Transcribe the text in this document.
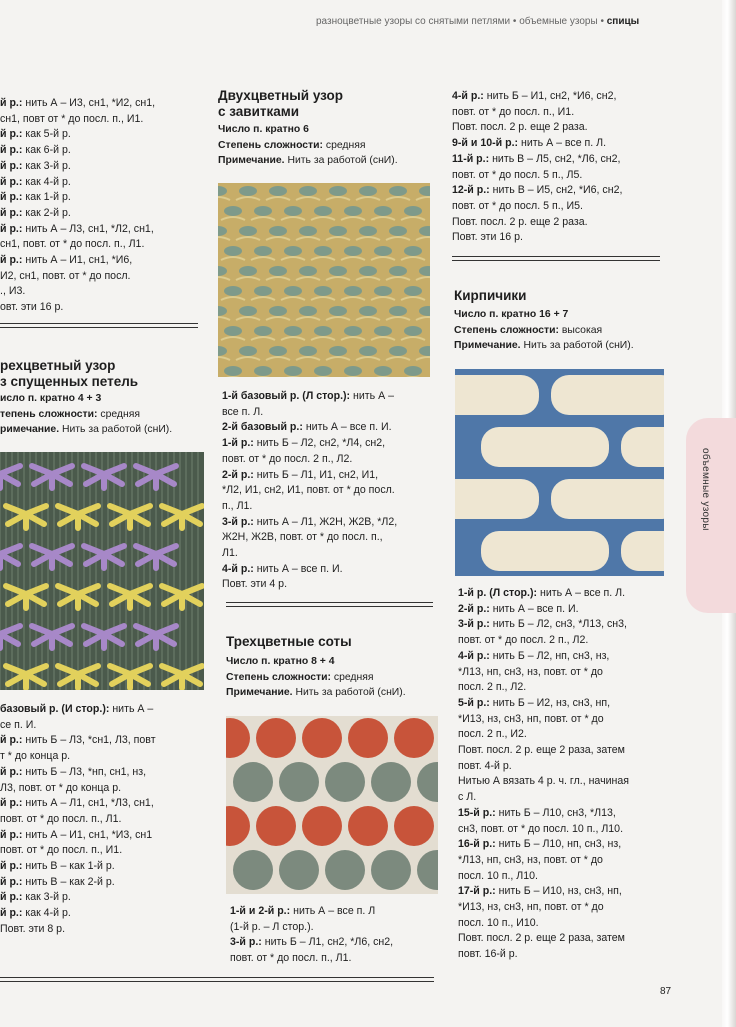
разноцветные узоры со снятыми петлями • объемные узоры • спицы

й р.: нить А – И3, сн1, *И2, сн1,

сн1, повт от * до посл. п., И1.

й р.: как 5-й р.

й р.: как 6-й р.

й р.: как 3-й р.

й р.: как 4-й р.

й р.: как 1-й р.

й р.: как 2-й р.

й р.: нить А – Л3, сн1, *Л2, сн1,

сн1, повт. от * до посл. п., Л1.

й р.: нить А – И1, сн1, *И6,

И2, сн1, повт. от * до посл.

., И3.

овт. эти 16 р.

рехцветный узор
з спущенных петель
исло п. кратно 4 + 3
тепень сложности: средняя
римечание. Нить за работой (снИ).

базовый р. (И стор.): нить А –

се п. И.

й р.: нить Б – Л3, *сн1, Л3, повт

т * до конца р.

й р.: нить Б – Л3, *нп, сн1, нз,

Л3, повт. от * до конца р.

й р.: нить А – Л1, сн1, *Л3, сн1,

повт. от * до посл. п., Л1.

й р.: нить А – И1, сн1, *И3, сн1

повт. от * до посл. п., И1.

й р.: нить В – как 1-й р.

й р.: нить В – как 2-й р.

й р.: как 3-й р.

й р.: как 4-й р.

Повт. эти 8 р.

Двухцветный узор
с завитками
Число п. кратно 6
Степень сложности: средняя
Примечание. Нить за работой (снИ).

1-й базовый р. (Л стор.): нить А –

все п. Л.

2-й базовый р.: нить А – все п. И.

1-й р.: нить Б – Л2, сн2, *Л4, сн2,

повт. от * до посл. 2 п., Л2.

2-й р.: нить Б – Л1, И1, сн2, И1,

*Л2, И1, сн2, И1, повт. от * до посл.

п., Л1.

3-й р.: нить А – Л1, Ж2Н, Ж2В, *Л2,

Ж2Н, Ж2В, повт. от * до посл. п.,

Л1.

4-й р.: нить А – все п. И.

Повт. эти 4 р.

Трехцветные соты
Число п. кратно 8 + 4
Степень сложности: средняя
Примечание. Нить за работой (снИ).

1-й и 2-й р.: нить А – все п. Л

(1-й р. – Л стор.).

3-й р.: нить Б – Л1, сн2, *Л6, сн2,

повт. от * до посл. п., Л1.

4-й р.: нить Б – И1, сн2, *И6, сн2,

повт. от * до посл. п., И1.

Повт. посл. 2 р. еще 2 раза.

9-й и 10-й р.: нить А – все п. Л.

11-й р.: нить В – Л5, сн2, *Л6, сн2,

повт. от * до посл. 5 п., Л5.

12-й р.: нить В – И5, сн2, *И6, сн2,

повт. от * до посл. 5 п., И5.

Повт. посл. 2 р. еще 2 раза.

Повт. эти 16 р.

Кирпичики
Число п. кратно 16 + 7
Степень сложности: высокая
Примечание. Нить за работой (снИ).

1-й р. (Л стор.): нить А – все п. Л.

2-й р.: нить А – все п. И.

3-й р.: нить Б – Л2, сн3, *Л13, сн3,

повт. от * до посл. 2 п., Л2.

4-й р.: нить Б – Л2, нп, сн3, нз,

*Л13, нп, сн3, нз, повт. от * до

посл. 2 п., Л2.

5-й р.: нить Б – И2, нз, сн3, нп,

*И13, нз, сн3, нп, повт. от * до

посл. 2 п., И2.

Повт. посл. 2 р. еще 2 раза, затем

повт. 4-й р.

Нитью А вязать 4 р. ч. гл., начиная

с Л.

15-й р.: нить Б – Л10, сн3, *Л13,

сн3, повт. от * до посл. 10 п., Л10.

16-й р.: нить Б – Л10, нп, сн3, нз,

*Л13, нп, сн3, нз, повт. от * до

посл. 10 п., Л10.

17-й р.: нить Б – И10, нз, сн3, нп,

*И13, нз, сн3, нп, повт. от * до

посл. 10 п., И10.

Повт. посл. 2 р. еще 2 раза, затем

повт. 16-й р.

объемные узоры
87
